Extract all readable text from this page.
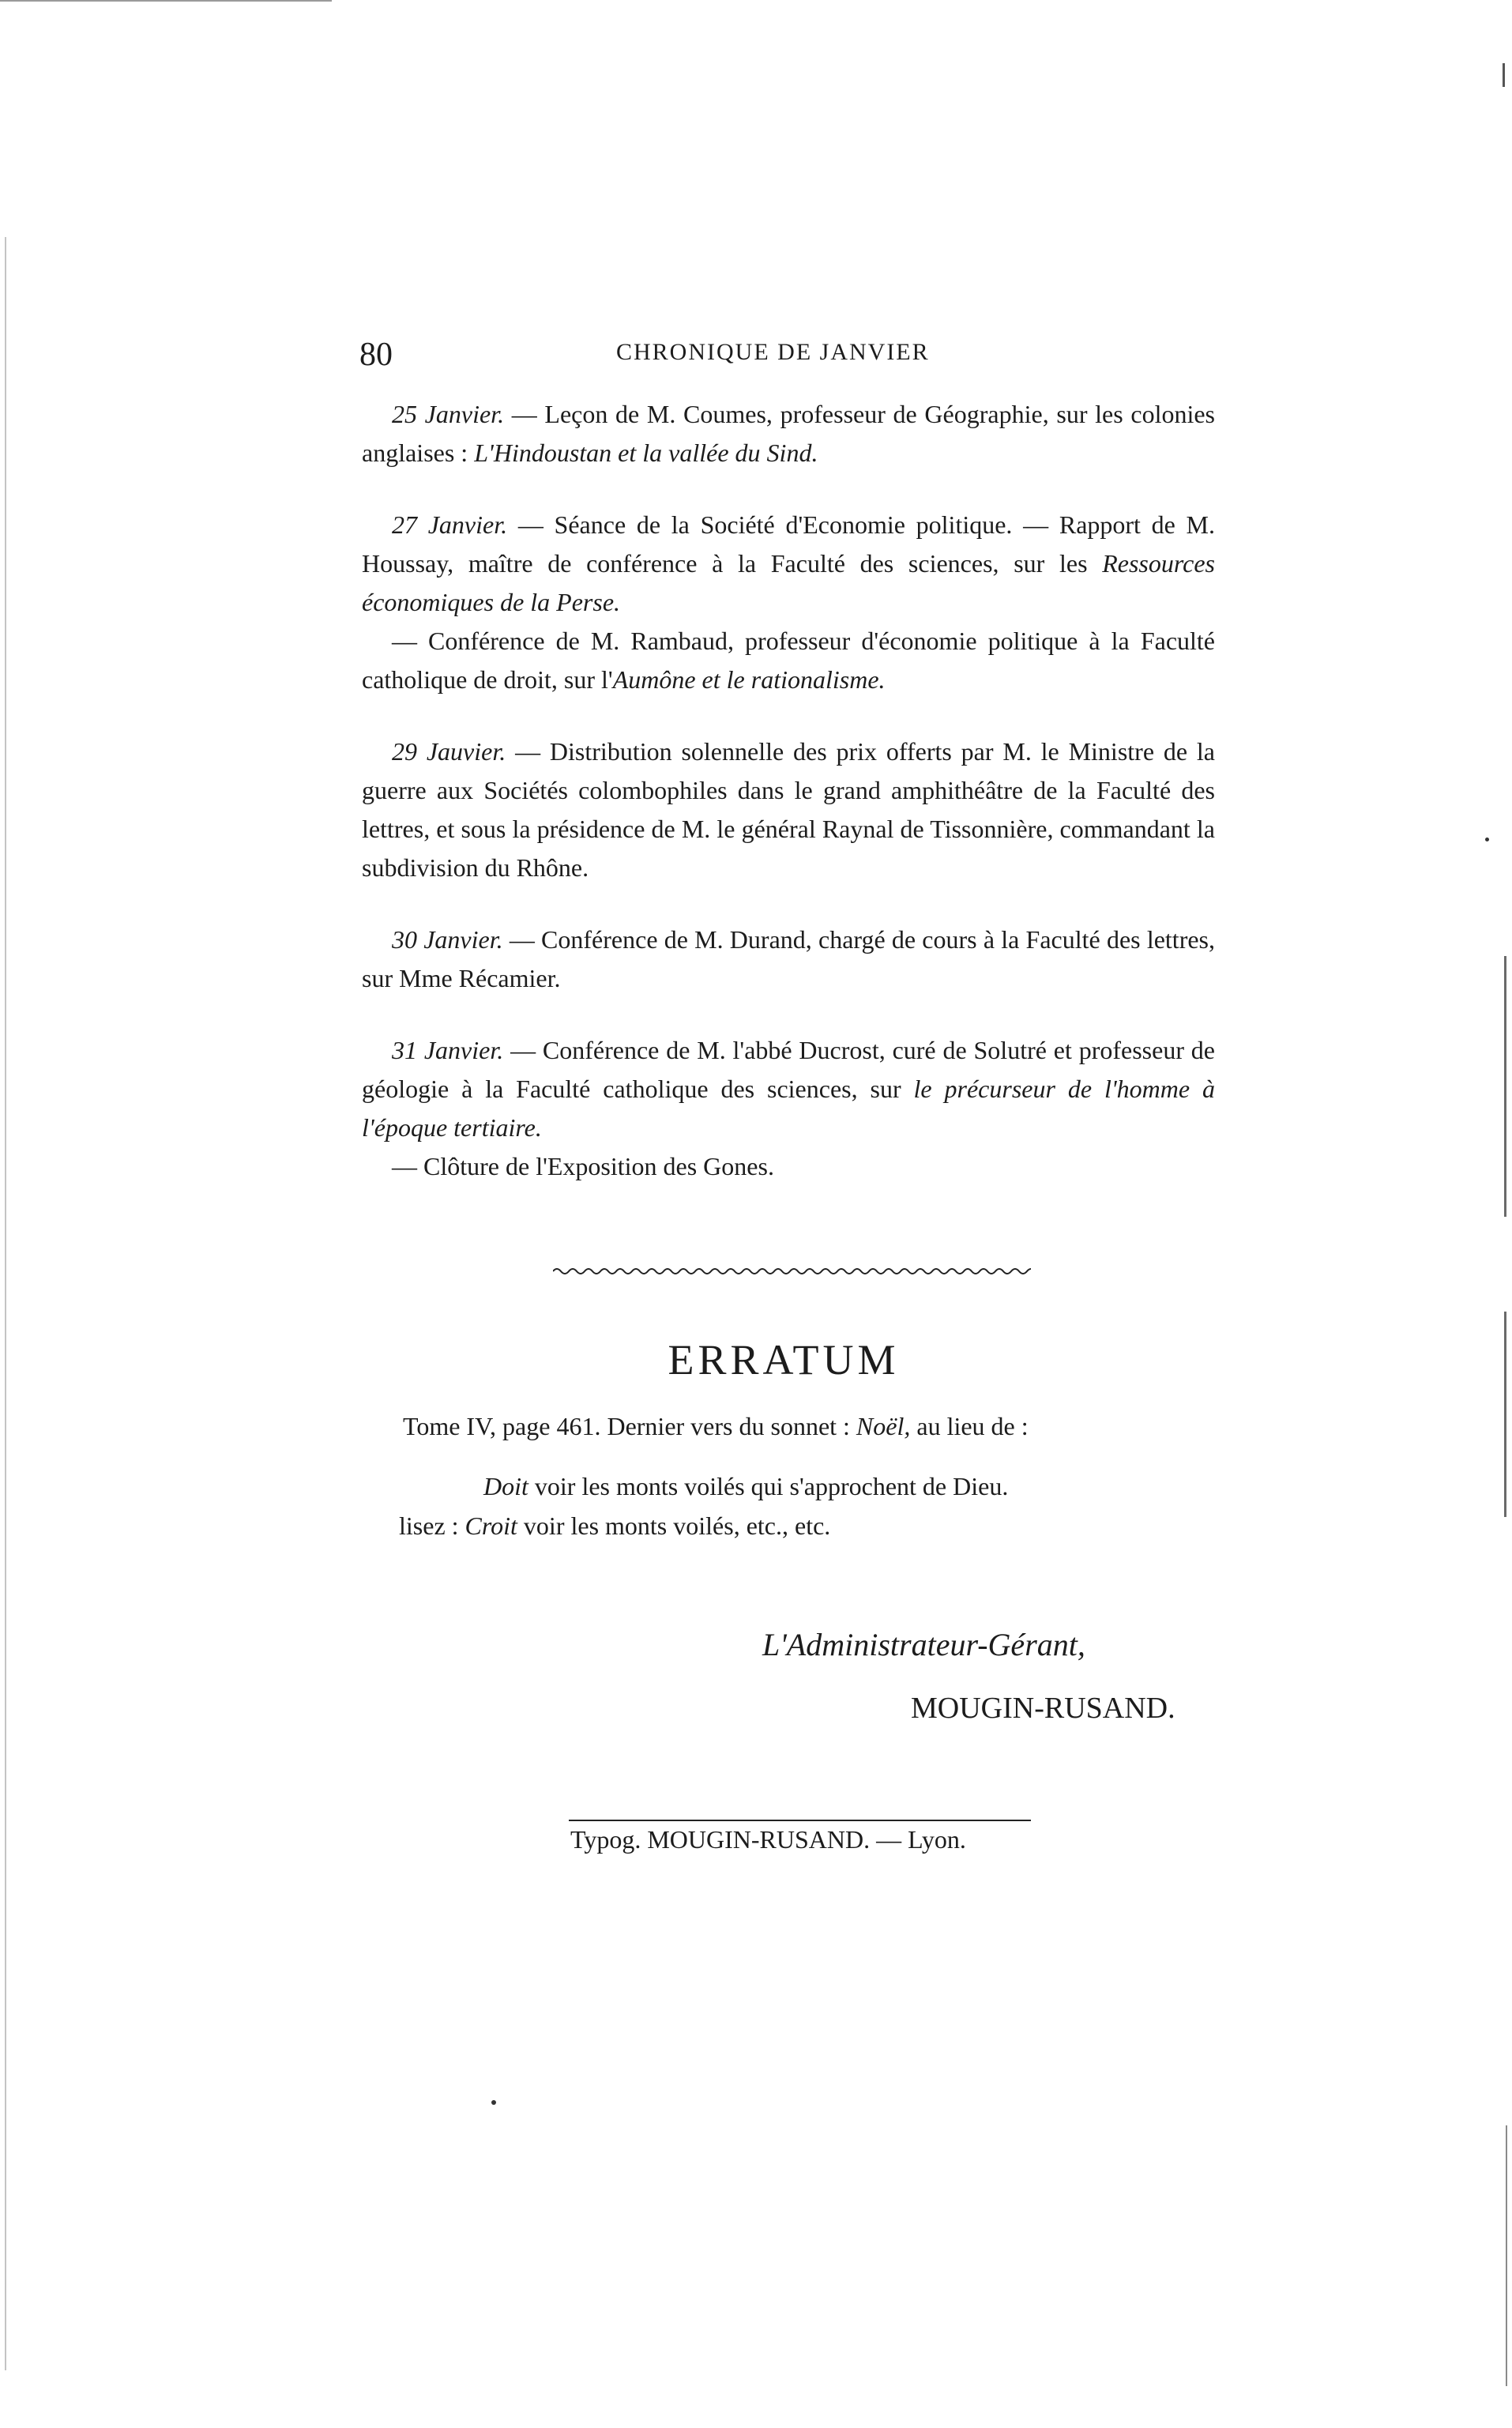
80	CHRONIQUE DE JANVIER

25 Janvier. — Leçon de M. Coumes, professeur de Géographie, sur les colonies anglaises : L'Hindoustan et la vallée du Sind.

27 Janvier. — Séance de la Société d'Economie politique. — Rapport de M. Houssay, maître de conférence à la Faculté des sciences, sur les Ressources économiques de la Perse.

— Conférence de M. Rambaud, professeur d'économie politique à la Faculté catholique de droit, sur l'Aumône et le rationalisme.

29 Jauvier. — Distribution solennelle des prix offerts par M. le Ministre de la guerre aux Sociétés colombophiles dans le grand amphithéâtre de la Faculté des lettres, et sous la présidence de M. le général Raynal de Tissonnière, commandant la subdivision du Rhône.

30 Janvier. — Conférence de M. Durand, chargé de cours à la Faculté des lettres, sur Mme Récamier.

31 Janvier. — Conférence de M. l'abbé Ducrost, curé de Solutré et professeur de géologie à la Faculté catholique des sciences, sur le précurseur de l'homme à l'époque tertiaire.

— Clôture de l'Exposition des Gones.

ERRATUM
Tome IV, page 461. Dernier vers du sonnet : Noël, au lieu de :
Doit voir les monts voilés qui s'approchent de Dieu.
lisez : Croit voir les monts voilés, etc., etc.
L'Administrateur-Gérant,
MOUGIN-RUSAND.
Typog. MOUGIN-RUSAND. — Lyon.
